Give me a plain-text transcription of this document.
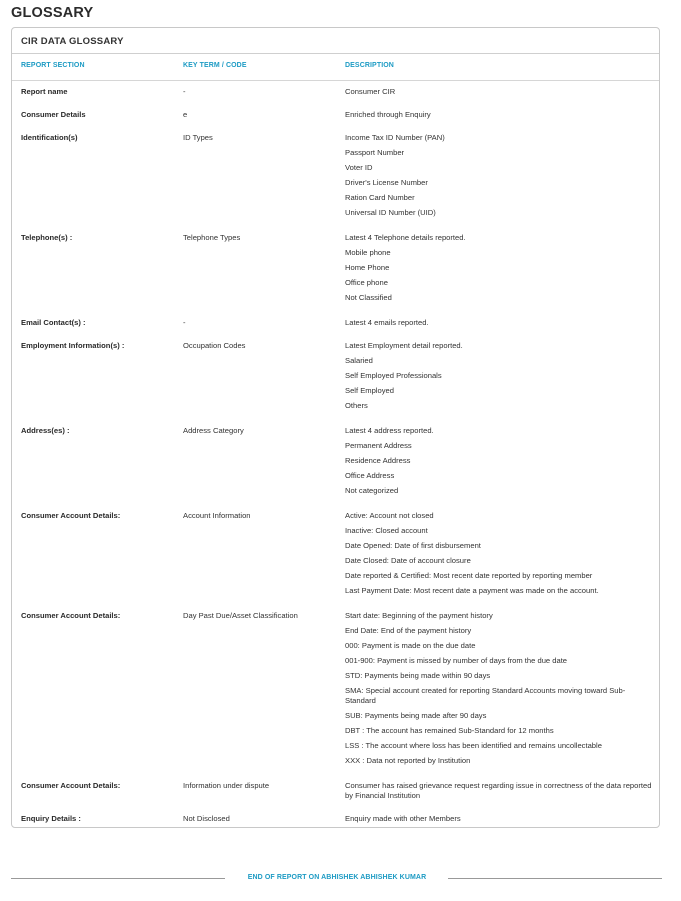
GLOSSARY
CIR DATA GLOSSARY
REPORT SECTION	KEY TERM / CODE	DESCRIPTION
Report name	-	Consumer CIR
Consumer Details	e	Enriched through Enquiry
Identification(s)	ID Types	Income Tax ID Number (PAN)
Passport Number
Voter ID
Driver's License Number
Ration Card Number
Universal ID Number (UID)
Telephone(s) :	Telephone Types	Latest 4 Telephone details reported.
Mobile phone
Home Phone
Office phone
Not Classified
Email Contact(s) :	-	Latest 4 emails reported.
Employment Information(s) :	Occupation Codes	Latest Employment detail reported.
Salaried
Self Employed Professionals
Self Employed
Others
Address(es) :	Address Category	Latest 4 address reported.
Permanent Address
Residence Address
Office Address
Not categorized
Consumer Account Details:	Account Information	Active: Account not closed
Inactive: Closed account
Date Opened: Date of first disbursement
Date Closed: Date of account closure
Date reported & Certified: Most recent date reported by reporting member
Last Payment Date: Most recent date a payment was made on the account.
Consumer Account Details:	Day Past Due/Asset Classification	Start date: Beginning of the payment history
End Date: End of the payment history
000: Payment is made on the due date
001-900: Payment is missed by number of days from the due date
STD: Payments being made within 90 days
SMA: Special account created for reporting Standard Accounts moving toward Sub-Standard
SUB: Payments being made after 90 days
DBT : The account has remained Sub-Standard for 12 months
LSS : The account where loss has been identified and remains uncollectable
XXX : Data not reported by Institution
Consumer Account Details:	Information under dispute	Consumer has raised grievance request regarding issue in correctness of the data reported by Financial Institution
Enquiry Details :	Not Disclosed	Enquiry made with other Members
END OF REPORT ON ABHISHEK ABHISHEK KUMAR
